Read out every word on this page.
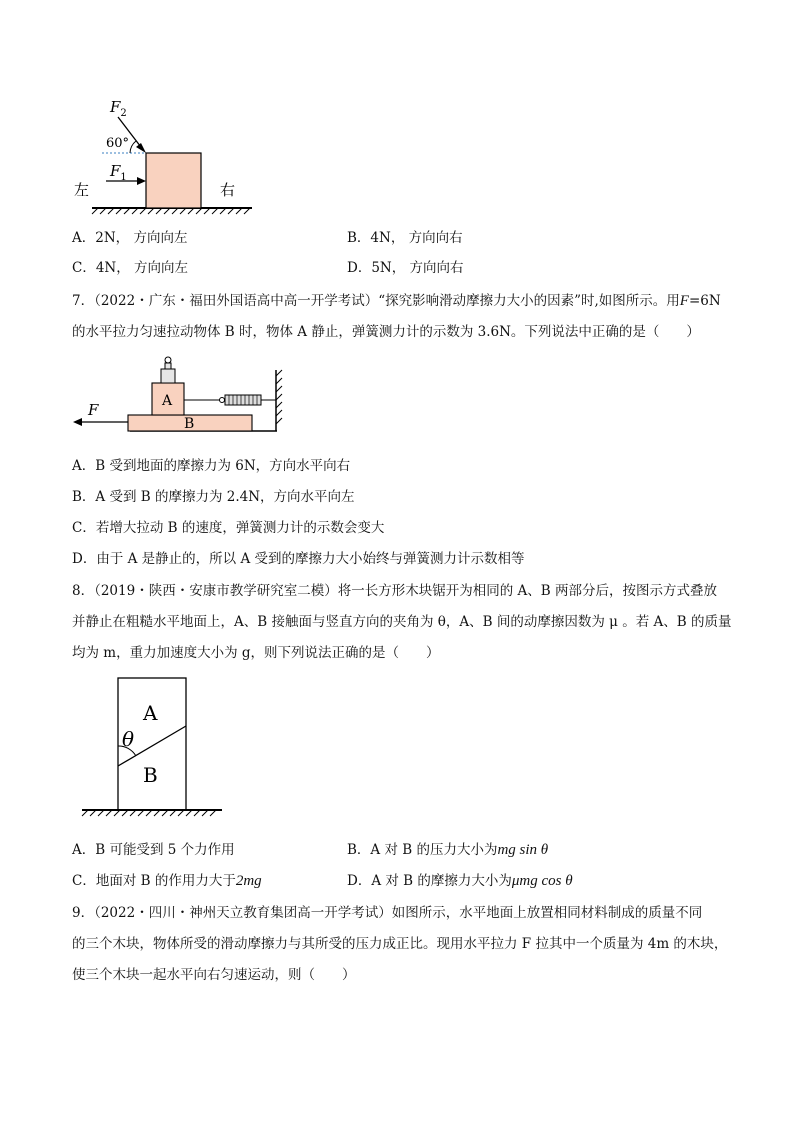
$F_2$
60°
$F_1$
左	右
A．2N， 方向向左	B．4N， 方向向右
C．4N， 方向向左	D．5N， 方向向右
7．（2022・广东・福田外国语高中高一开学考试）“探究影响滑动摩擦力大小的因素”时,如图所示。用F=6N
的水平拉力匀速拉动物体 B 时，物体 A 静止，弹簧测力计的示数为 3.6N。下列说法中正确的是（　　）
A
B
F
A．B 受到地面的摩擦力为 6N，方向水平向右
B．A 受到 B 的摩擦力为 2.4N，方向水平向左
C．若增大拉动 B 的速度，弹簧测力计的示数会变大
D．由于 A 是静止的，所以 A 受到的摩擦力大小始终与弹簧测力计示数相等
8．（2019・陕西・安康市教学研究室二模）将一长方形木块锯开为相同的 A、B 两部分后，按图示方式叠放
并静止在粗糙水平地面上，A、B 接触面与竖直方向的夹角为 θ，A、B 间的动摩擦因数为 μ 。若 A、B 的质量
均为 m，重力加速度大小为 g，则下列说法正确的是（　　）
A
B
θ
A．B 可能受到 5 个力作用	B．A 对 B 的压力大小为mg sin θ
C．地面对 B 的作用力大于2mg	D．A 对 B 的摩擦力大小为μmg cos θ
9．（2022・四川・神州天立教育集团高一开学考试）如图所示，水平地面上放置相同材料制成的质量不同
的三个木块，物体所受的滑动摩擦力与其所受的压力成正比。现用水平拉力 F 拉其中一个质量为 4m 的木块，
使三个木块一起水平向右匀速运动，则（　　）
